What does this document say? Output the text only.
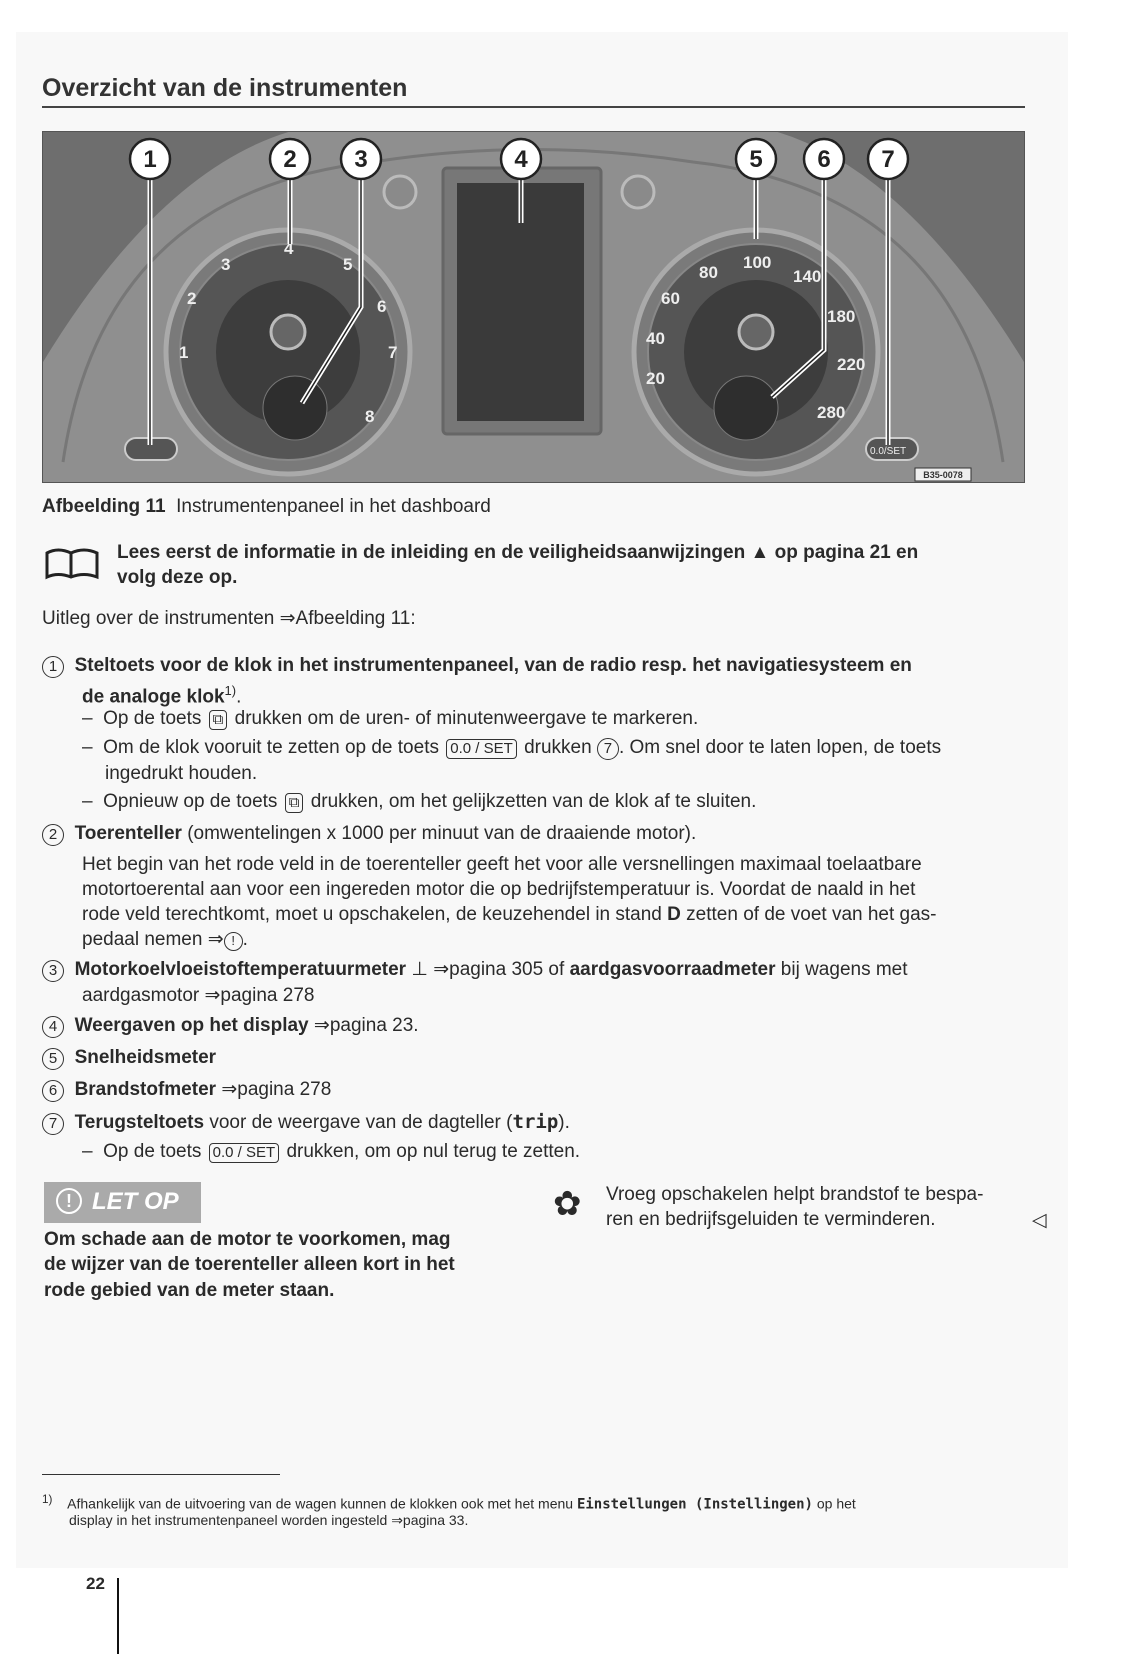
Overzicht van de instrumenten
1
2
3
4
5
6
7
8
20
40
60
80
100
140
180
220
280
0.0/SET
B35-0078
1	2 3	4	5 6 7
Afbeelding 11 Instrumentenpaneel in het dashboard
Lees eerst de informatie in de inleiding en de veiligheidsaanwijzingen ▲ op pagina 21 en
volg deze op.
Uitleg over de instrumenten ⇒Afbeelding 11:
1 Steltoets voor de klok in het instrumentenpaneel, van de radio resp. het navigatiesysteem en
de analoge klok$^{1)}$.
–  Op de toets ⧉ drukken om de uren- of minutenweergave te markeren.
–  Om de klok vooruit te zetten op de toets 0.0 / SET drukken 7 . Om snel door te laten lopen, de toets
ingedrukt houden.
–  Opnieuw op de toets ⧉ drukken, om het gelijkzetten van de klok af te sluiten.
2 Toerenteller (omwentelingen x 1000 per minuut van de draaiende motor).
Het begin van het rode veld in de toerenteller geeft het voor alle versnellingen maximaal toelaatbare
motortoerental aan voor een ingereden motor die op bedrijfstemperatuur is. Voordat de naald in het
rode veld terechtkomt, moet u opschakelen, de keuzehendel in stand D zetten of de voet van het gas-
pedaal nemen ⇒ ! .
3 Motorkoelvloeistoftemperatuurmeter ⊥ ⇒pagina 305 of aardgasvoorraadmeter bij wagens met
aardgasmotor ⇒pagina 278
4 Weergaven op het display ⇒pagina 23.
5 Snelheidsmeter
6 Brandstofmeter ⇒pagina 278
7 Terugsteltoets voor de weergave van de dagteller (trip).
–  Op de toets 0.0 / SET drukken, om op nul terug te zetten.
! LET OP
Om schade aan de motor te voorkomen, mag
de wijzer van de toerenteller alleen kort in het
rode gebied van de meter staan.
✿ Vroeg opschakelen helpt brandstof te bespa-
ren en bedrijfsgeluiden te verminderen.	◁
$^{1)}$ Afhankelijk van de uitvoering van de wagen kunnen de klokken ook met het menu Einstellungen (Instellingen) op het
display in het instrumentenpaneel worden ingesteld ⇒pagina 33.
22
